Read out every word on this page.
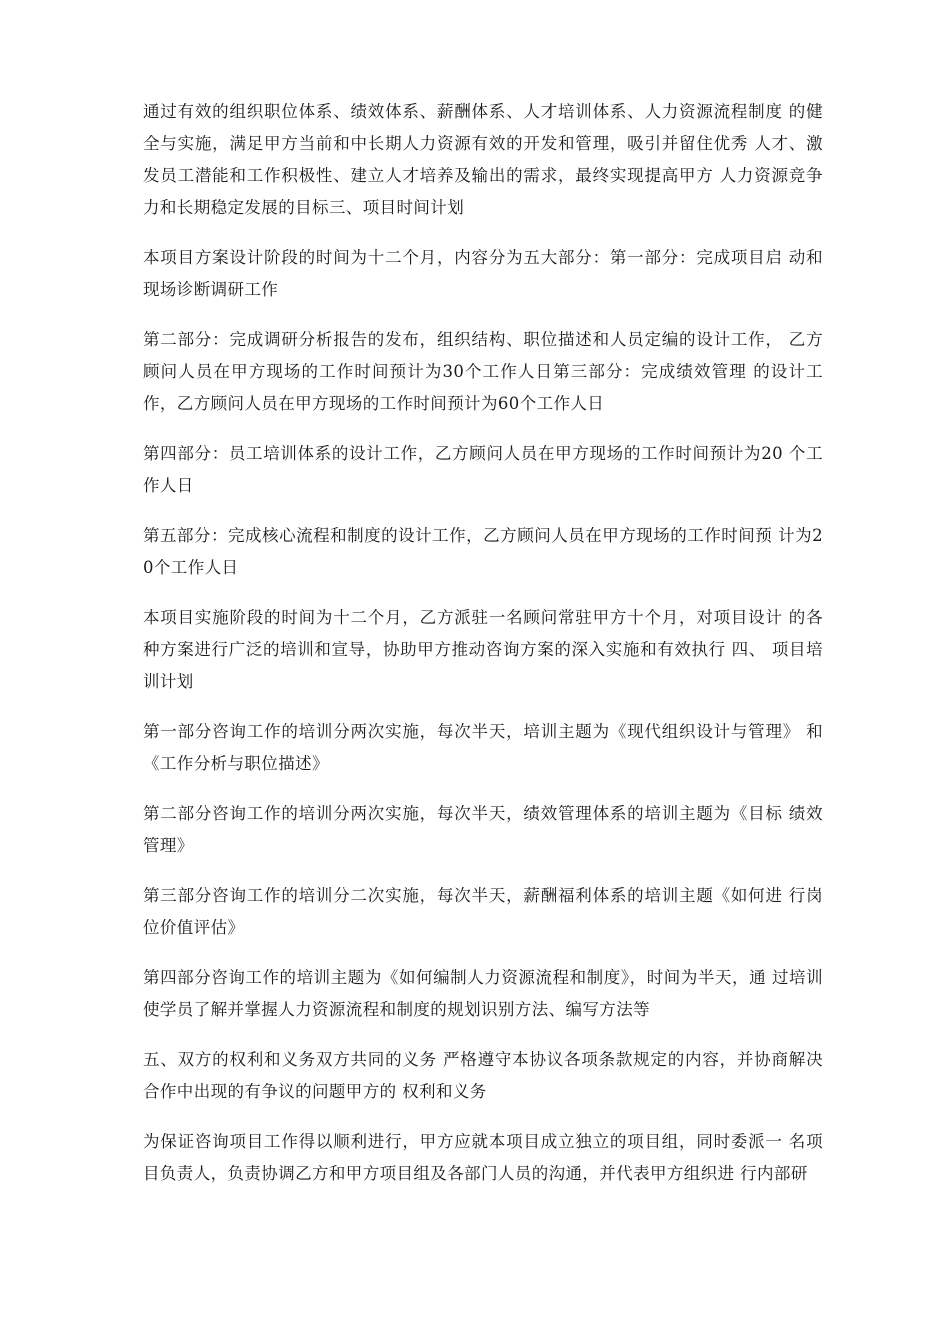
通过有效的组织职位体系、绩效体系、薪酬体系、人才培训体系、人力资源流程制度 的健全与实施，满足甲方当前和中长期人力资源有效的开发和管理，吸引并留住优秀 人才、激发员工潜能和工作积极性、建立人才培养及输出的需求，最终实现提高甲方 人力资源竞争力和长期稳定发展的目标三、项目时间计划

本项目方案设计阶段的时间为十二个月，内容分为五大部分：第一部分：完成项目启 动和现场诊断调研工作

第二部分：完成调研分析报告的发布，组织结构、职位描述和人员定编的设计工作， 乙方顾问人员在甲方现场的工作时间预计为30个工作人日第三部分：完成绩效管理 的设计工作，乙方顾问人员在甲方现场的工作时间预计为60个工作人日

第四部分：员工培训体系的设计工作，乙方顾问人员在甲方现场的工作时间预计为20 个工作人日

第五部分：完成核心流程和制度的设计工作，乙方顾问人员在甲方现场的工作时间预 计为20个工作人日

本项目实施阶段的时间为十二个月，乙方派驻一名顾问常驻甲方十个月，对项目设计 的各种方案进行广泛的培训和宣导，协助甲方推动咨询方案的深入实施和有效执行 四、 项目培训计划

第一部分咨询工作的培训分两次实施，每次半天，培训主题为《现代组织设计与管理》 和《工作分析与职位描述》

第二部分咨询工作的培训分两次实施，每次半天，绩效管理体系的培训主题为《目标 绩效管理》

第三部分咨询工作的培训分二次实施，每次半天，薪酬福利体系的培训主题《如何进 行岗位价值评估》

第四部分咨询工作的培训主题为《如何编制人力资源流程和制度》，时间为半天，通 过培训使学员了解并掌握人力资源流程和制度的规划识别方法、编写方法等

五、双方的权利和义务双方共同的义务 严格遵守本协议各项条款规定的内容，并协商解决合作中出现的有争议的问题甲方的 权利和义务

为保证咨询项目工作得以顺利进行，甲方应就本项目成立独立的项目组，同时委派一 名项目负责人，负责协调乙方和甲方项目组及各部门人员的沟通，并代表甲方组织进 行内部研
